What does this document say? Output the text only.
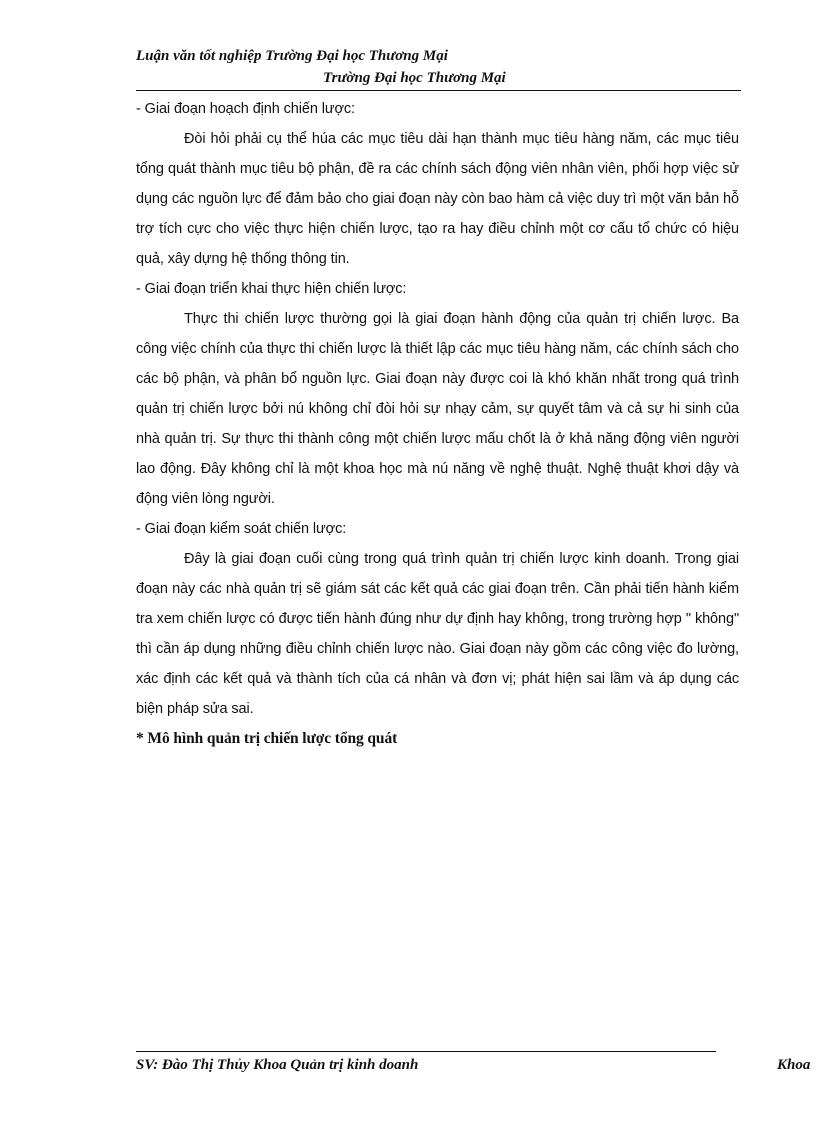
Luận văn tốt nghiệp Trường Đại học Thương Mại
Trường Đại học Thương Mại

- Giai đoạn hoạch định chiến lược:

Đòi hỏi phải cụ thể húa các mục tiêu dài hạn thành mục tiêu hàng năm, các mục tiêu tổng quát thành mục tiêu bộ phận, đề ra các chính sách động viên nhân viên, phối hợp việc sử dụng các nguồn lực để đảm bảo cho giai đoạn này còn bao hàm cả việc duy trì một văn bản hỗ trợ tích cực cho việc thực hiện chiến lược, tạo ra hay điều chỉnh một cơ cấu tổ chức có hiệu quả, xây dựng hệ thống thông tin.

- Giai đoạn triển khai thực hiện chiến lược:

Thực thi chiến lược thường gọi là giai đoạn hành động của quản trị chiến lược. Ba công việc chính của thực thi chiến lược là thiết lập các mục tiêu hàng năm, các chính sách cho các bộ phận, và phân bổ nguồn lực. Giai đoạn này được coi là khó khăn nhất trong quá trình quản trị chiến lược bởi nú không chỉ đòi hỏi sự nhạy cảm, sự quyết tâm và cả sự hi sinh của nhà quản trị. Sự thực thi thành công một chiến lược mấu chốt là ở khả năng động viên người lao động. Đây không chỉ là một khoa học mà nú năng về nghệ thuật. Nghệ thuật khơi dậy và động viên lòng người.

- Giai đoạn kiểm soát chiến lược:

Đây là giai đoạn cuối cùng trong quá trình quản trị chiến lược kinh doanh. Trong giai đoạn này các nhà quản trị sẽ giám sát các kết quả các giai đoạn trên. Cần phải tiến hành kiểm tra xem chiến lược có được tiến hành đúng như dự định hay không, trong trường hợp " không" thì cần áp dụng những điều chỉnh chiến lược nào. Giai đoạn này gồm các công việc đo lường, xác định các kết quả và thành tích của cá nhân và đơn vị; phát hiện sai lầm và áp dụng các biện pháp sửa sai.

* Mô hình quản trị chiến lược tổng quát

SV: Đào Thị Thủy Khoa Quản trị kinh doanh	Khoa
